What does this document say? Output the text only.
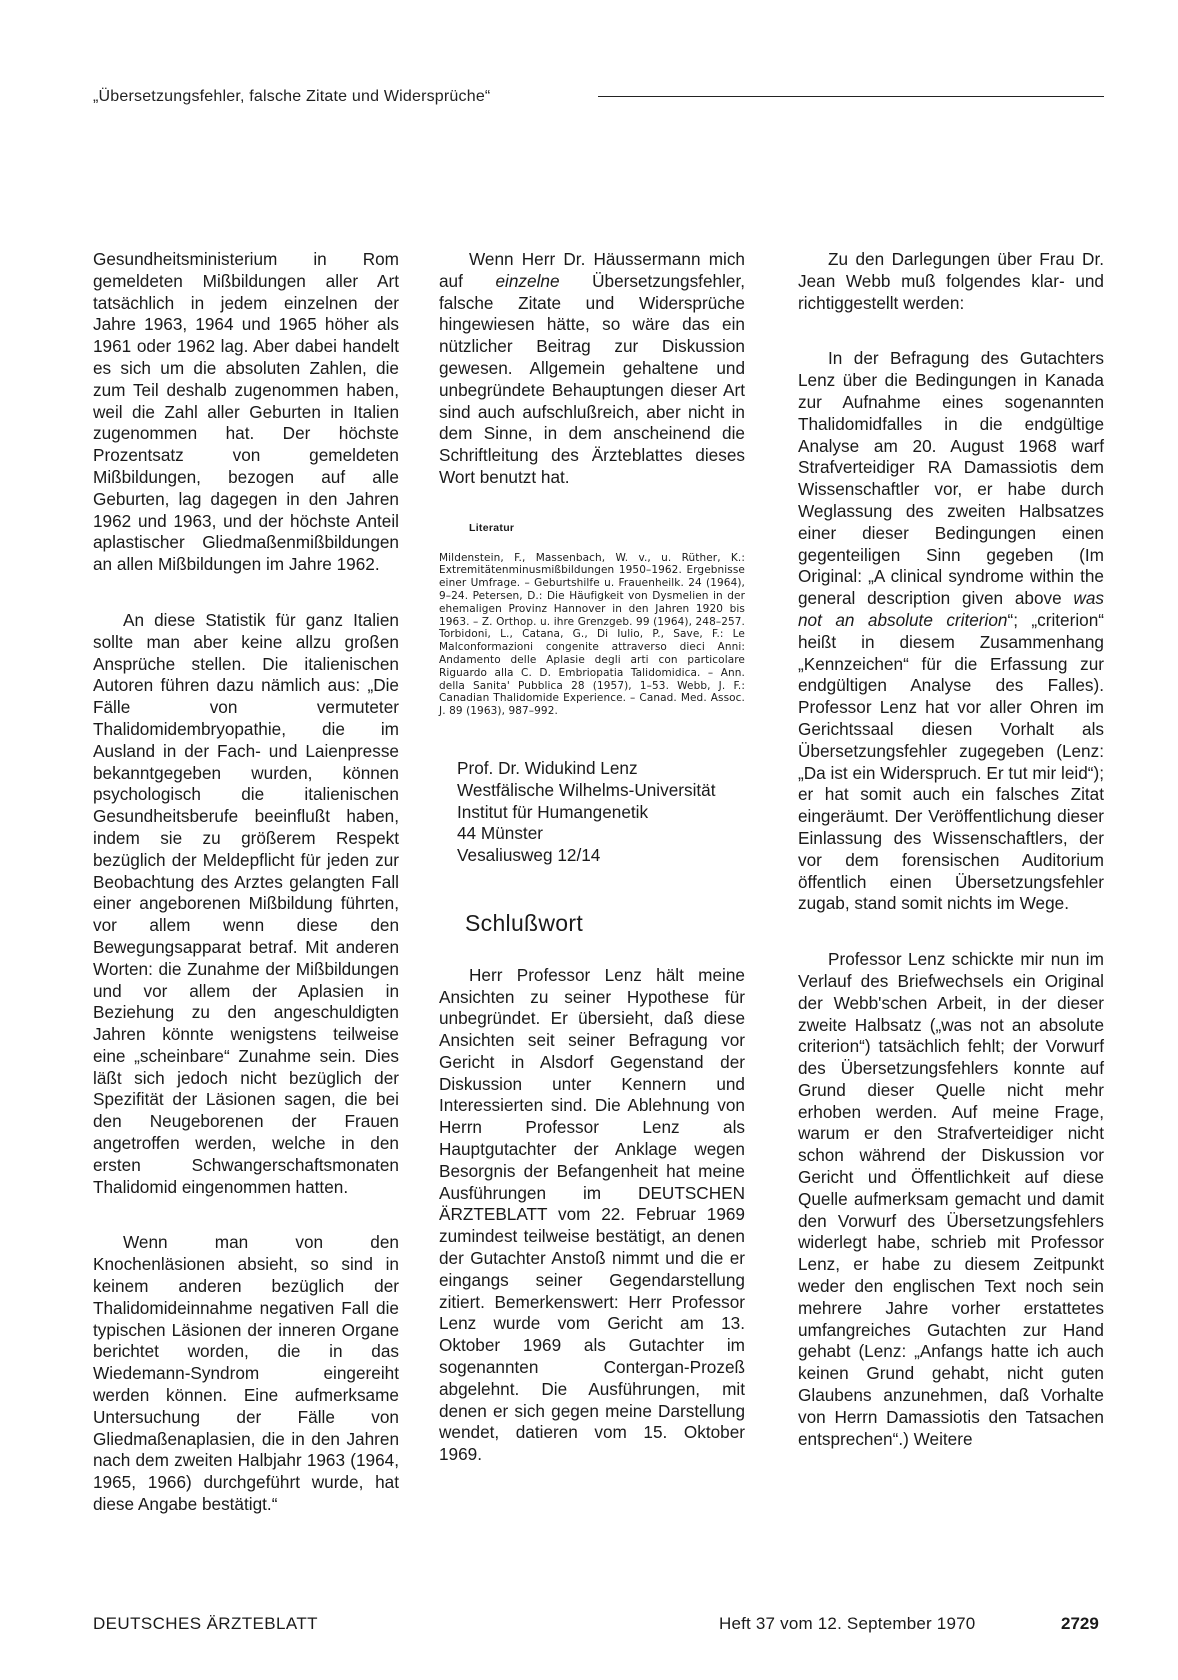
„Übersetzungsfehler, falsche Zitate und Widersprüche“

Gesundheitsministerium in Rom gemeldeten Mißbildungen aller Art tatsächlich in jedem einzelnen der Jahre 1963, 1964 und 1965 höher als 1961 oder 1962 lag. Aber dabei handelt es sich um die absoluten Zahlen, die zum Teil deshalb zugenommen haben, weil die Zahl aller Geburten in Italien zugenommen hat. Der höchste Prozentsatz von gemeldeten Mißbildungen, bezogen auf alle Geburten, lag dagegen in den Jahren 1962 und 1963, und der höchste Anteil aplastischer Gliedmaßenmißbildungen an allen Mißbildungen im Jahre 1962.

An diese Statistik für ganz Italien sollte man aber keine allzu großen Ansprüche stellen. Die italienischen Autoren führen dazu nämlich aus: „Die Fälle von vermuteter Thalidomidembryopathie, die im Ausland in der Fach- und Laienpresse bekanntgegeben wurden, können psychologisch die italienischen Gesundheitsberufe beeinflußt haben, indem sie zu größerem Respekt bezüglich der Meldepflicht für jeden zur Beobachtung des Arztes gelangten Fall einer angeborenen Mißbildung führten, vor allem wenn diese den Bewegungsapparat betraf. Mit anderen Worten: die Zunahme der Mißbildungen und vor allem der Aplasien in Beziehung zu den angeschuldigten Jahren könnte wenigstens teilweise eine „scheinbare“ Zunahme sein. Dies läßt sich jedoch nicht bezüglich der Spezifität der Läsionen sagen, die bei den Neugeborenen der Frauen angetroffen werden, welche in den ersten Schwangerschaftsmonaten Thalidomid eingenommen hatten.

Wenn man von den Knochenläsionen absieht, so sind in keinem anderen bezüglich der Thalidomideinnahme negativen Fall die typischen Läsionen der inneren Organe berichtet worden, die in das Wiedemann-Syndrom eingereiht werden können. Eine aufmerksame Untersuchung der Fälle von Gliedmaßenaplasien, die in den Jahren nach dem zweiten Halbjahr 1963 (1964, 1965, 1966) durchgeführt wurde, hat diese Angabe bestätigt.“

Wenn Herr Dr. Häussermann mich auf einzelne Übersetzungsfehler, falsche Zitate und Widersprüche hingewiesen hätte, so wäre das ein nützlicher Beitrag zur Diskussion gewesen. Allgemein gehaltene und unbegründete Behauptungen dieser Art sind auch aufschlußreich, aber nicht in dem Sinne, in dem anscheinend die Schriftleitung des Ärzteblattes dieses Wort benutzt hat.

Literatur

Mildenstein, F., Massenbach, W. v., u. Rüther, K.: Extremitätenminusmißbildungen 1950–1962. Ergebnisse einer Umfrage. – Geburtshilfe u. Frauenheilk. 24 (1964), 9–24. Petersen, D.: Die Häufigkeit von Dysmelien in der ehemaligen Provinz Hannover in den Jahren 1920 bis 1963. – Z. Orthop. u. ihre Grenzgeb. 99 (1964), 248–257. Torbidoni, L., Catana, G., Di Iulio, P., Save, F.: Le Malconformazioni congenite attraverso dieci Anni: Andamento delle Aplasie degli arti con particolare Riguardo alla C. D. Embriopatia Talidomidica. – Ann. della Sanita' Pubblica 28 (1957), 1–53. Webb, J. F.: Canadian Thalidomide Experience. – Canad. Med. Assoc. J. 89 (1963), 987–992.

Prof. Dr. Widukind Lenz
Westfälische Wilhelms-Universität
Institut für Humangenetik
44 Münster
Vesaliusweg 12/14
Schlußwort

Herr Professor Lenz hält meine Ansichten zu seiner Hypothese für unbegründet. Er übersieht, daß diese Ansichten seit seiner Befragung vor Gericht in Alsdorf Gegenstand der Diskussion unter Kennern und Interessierten sind. Die Ablehnung von Herrn Professor Lenz als Hauptgutachter der Anklage wegen Besorgnis der Befangenheit hat meine Ausführungen im DEUTSCHEN ÄRZTEBLATT vom 22. Februar 1969 zumindest teilweise bestätigt, an denen der Gutachter Anstoß nimmt und die er eingangs seiner Gegendarstellung zitiert. Bemerkenswert: Herr Professor Lenz wurde vom Gericht am 13. Oktober 1969 als Gutachter im sogenannten Contergan-Prozeß abgelehnt. Die Ausführungen, mit denen er sich gegen meine Darstellung wendet, datieren vom 15. Oktober 1969.

Zu den Darlegungen über Frau Dr. Jean Webb muß folgendes klar- und richtiggestellt werden:

In der Befragung des Gutachters Lenz über die Bedingungen in Kanada zur Aufnahme eines sogenannten Thalidomidfalles in die endgültige Analyse am 20. August 1968 warf Strafverteidiger RA Damassiotis dem Wissenschaftler vor, er habe durch Weglassung des zweiten Halbsatzes einer dieser Bedingungen einen gegenteiligen Sinn gegeben (Im Original: „A clinical syndrome within the general description given above was not an absolute criterion“; „criterion“ heißt in diesem Zusammenhang „Kennzeichen“ für die Erfassung zur endgültigen Analyse des Falles). Professor Lenz hat vor aller Ohren im Gerichtssaal diesen Vorhalt als Übersetzungsfehler zugegeben (Lenz: „Da ist ein Widerspruch. Er tut mir leid“); er hat somit auch ein falsches Zitat eingeräumt. Der Veröffentlichung dieser Einlassung des Wissenschaftlers, der vor dem forensischen Auditorium öffentlich einen Übersetzungsfehler zugab, stand somit nichts im Wege.

Professor Lenz schickte mir nun im Verlauf des Briefwechsels ein Original der Webb'schen Arbeit, in der dieser zweite Halbsatz („was not an absolute criterion“) tatsächlich fehlt; der Vorwurf des Übersetzungsfehlers konnte auf Grund dieser Quelle nicht mehr erhoben werden. Auf meine Frage, warum er den Strafverteidiger nicht schon während der Diskussion vor Gericht und Öffentlichkeit auf diese Quelle aufmerksam gemacht und damit den Vorwurf des Übersetzungsfehlers widerlegt habe, schrieb mit Professor Lenz, er habe zu diesem Zeitpunkt weder den englischen Text noch sein mehrere Jahre vorher erstattetes umfangreiches Gutachten zur Hand gehabt (Lenz: „Anfangs hatte ich auch keinen Grund gehabt, nicht guten Glaubens anzunehmen, daß Vorhalte von Herrn Damassiotis den Tatsachen entsprechen“.) Weitere

DEUTSCHES ÄRZTEBLATT	Heft 37 vom 12. September 1970	2729
